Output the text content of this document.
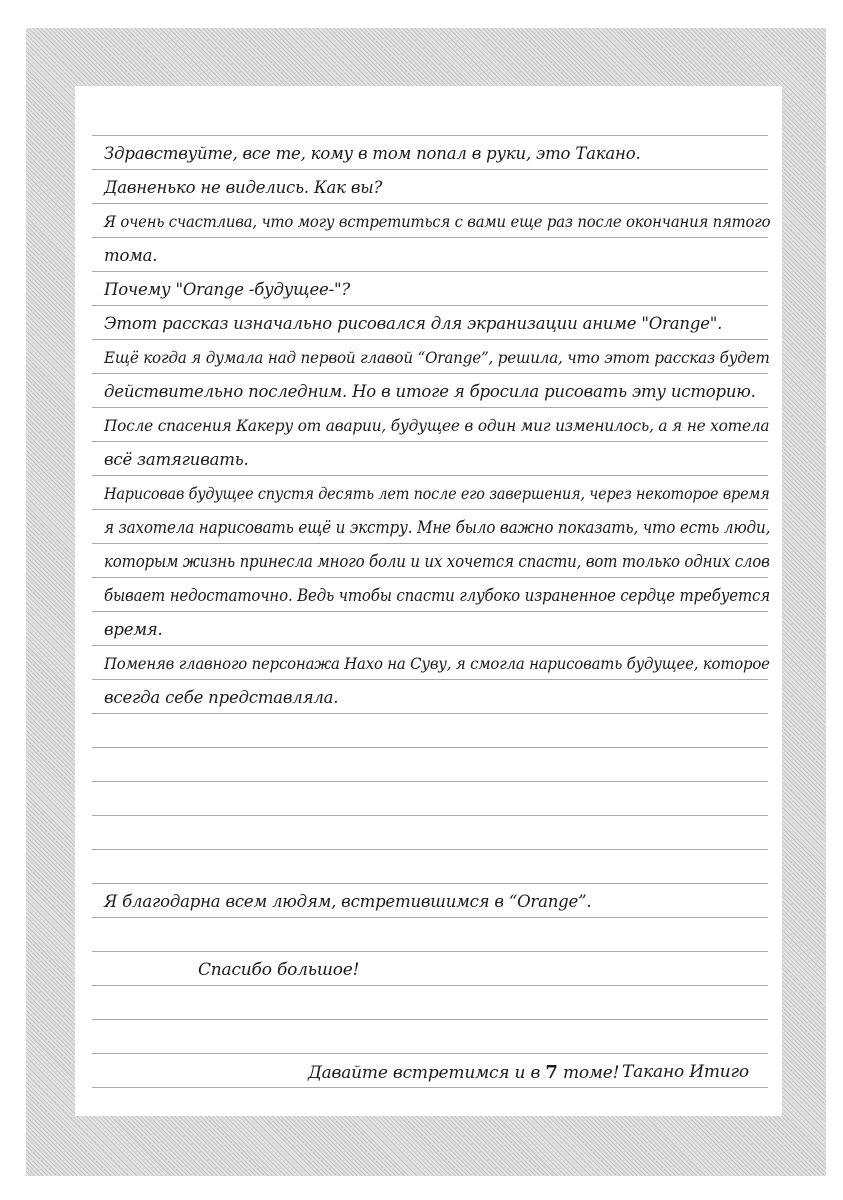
Здравствуйте, все те, кому в том попал в руки, это Такано.
Давненько не виделись. Как вы?
Я очень счастлива, что могу встретиться с вами еще раз после окончания пятого
тома.
Почему "Orange -будущее-"?
Этот рассказ изначально рисовался для экранизации аниме "Orange".
Ещё когда я думала над первой главой “Orange”, решила, что этот рассказ будет
действительно последним. Но в итоге я бросила рисовать эту историю.
После спасения Какеру от аварии, будущее в один миг изменилось, а я не хотела
всё затягивать.
Нарисовав будущее спустя десять лет после его завершения, через некоторое время
я захотела нарисовать ещё и экстру. Мне было важно показать, что есть люди,
которым жизнь принесла много боли и их хочется спасти, вот только одних слов
бывает недостаточно. Ведь чтобы спасти глубоко израненное сердце требуется
время.
Поменяв главного персонажа Нахо на Суву, я смогла нарисовать будущее, которое
всегда себе представляла.
Я благодарна всем людям, встретившимся в “Orange”.
Спасибо большое!
Давайте встретимся и в 7 томе! Такано Итиго
